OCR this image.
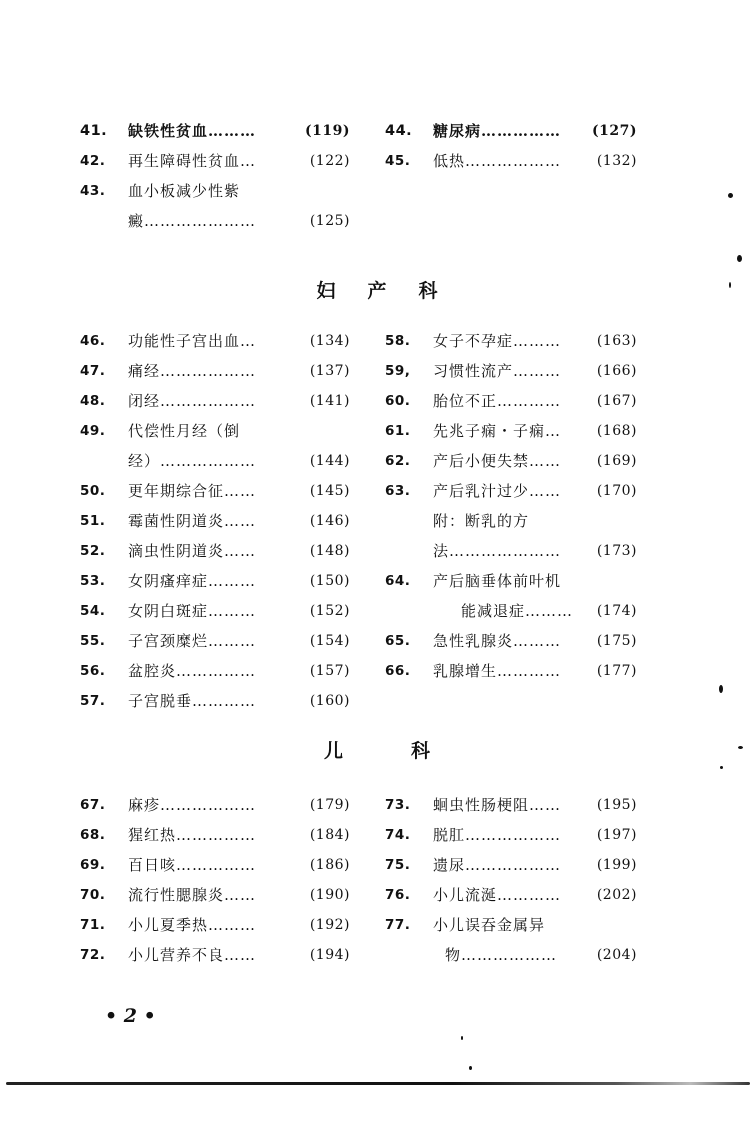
41.	缺铁性贫血………	(119)
42.	再生障碍性贫血…	(122)
43.	血小板减少性紫
癜…………………	(125)
44.	糖尿病……………	(127)
45.	低热………………	(132)
妇 产 科
46.	功能性子宫出血…	(134)
47.	痛经………………	(137)
48.	闭经………………	(141)
49.	代偿性月经（倒
经）………………	(144)
50.	更年期综合征……	(145)
51.	霉菌性阴道炎……	(146)
52.	滴虫性阴道炎……	(148)
53.	女阴瘙痒症………	(150)
54.	女阴白斑症………	(152)
55.	子宫颈糜烂………	(154)
56.	盆腔炎……………	(157)
57.	子宫脱垂…………	(160)
58.	女子不孕症………	(163)
59,	习惯性流产………	(166)
60.	胎位不正…………	(167)
61.	先兆子痫・子痫…	(168)
62.	产后小便失禁……	(169)
63.	产后乳汁过少……	(170)
附：断乳的方
法…………………	(173)
64.	产后脑垂体前叶机
能减退症………	(174)
65.	急性乳腺炎………	(175)
66.	乳腺增生…………	(177)
儿	科
67.	麻疹………………	(179)
68.	猩红热……………	(184)
69.	百日咳……………	(186)
70.	流行性腮腺炎……	(190)
71.	小儿夏季热………	(192)
72.	小儿营养不良……	(194)
73.	蛔虫性肠梗阻……	(195)
74.	脱肛………………	(197)
75.	遗尿………………	(199)
76.	小儿流涎…………	(202)
77.	小儿误吞金属异
物………………	(204)
• 2 •
